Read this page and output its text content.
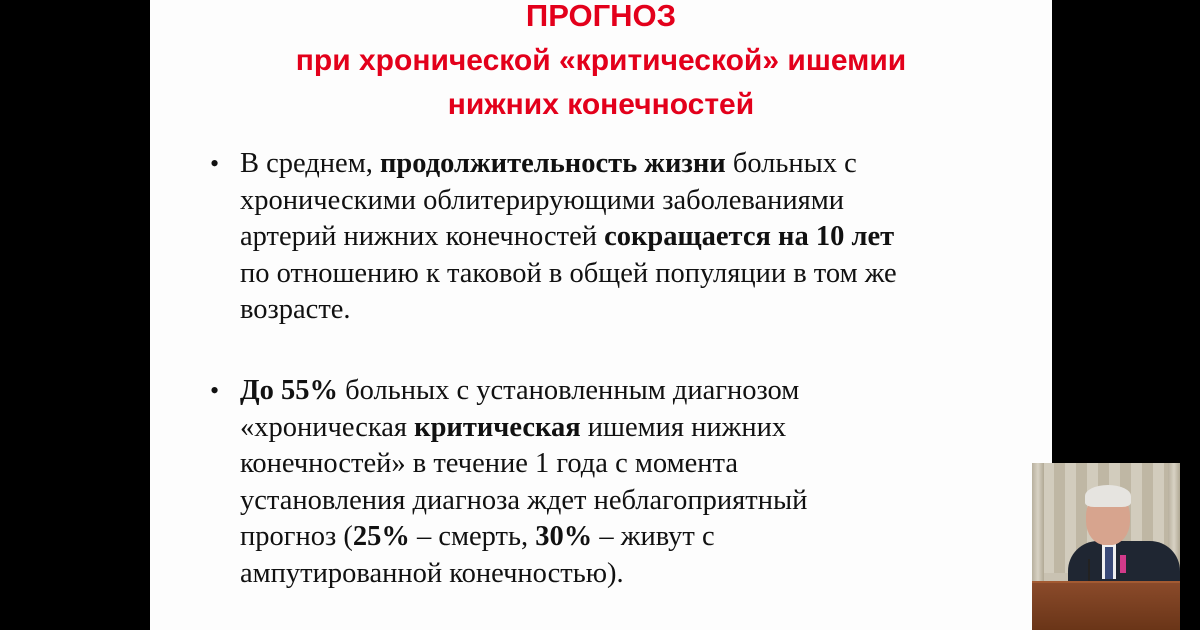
ПРОГНОЗ
при хронической «критической» ишемии
нижних конечностей
• В среднем, продолжительность жизни больных с
хроническими облитерирующими заболеваниями
артерий нижних конечностей сокращается на 10 лет
по отношению к таковой в общей популяции в том же
возрасте.
• До 55% больных с установленным диагнозом
«хроническая критическая ишемия нижних
конечностей» в течение 1 года с момента
установления диагноза ждет неблагоприятный
прогноз (25% – смерть, 30% – живут с
ампутированной конечностью).
